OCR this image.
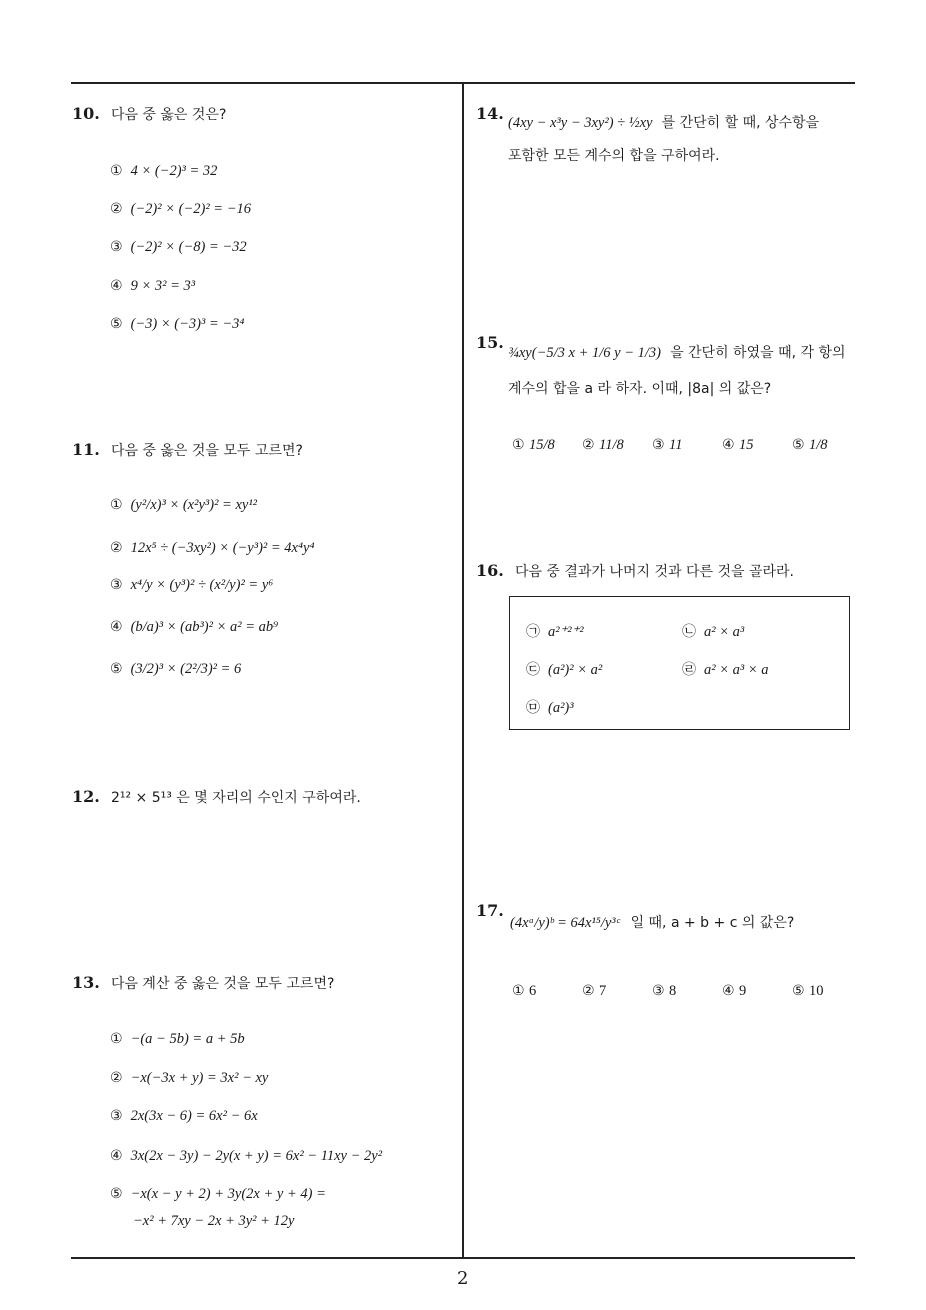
10. 다음 중 옳은 것은?
① 4 × (−2)³ = 32
② (−2)² × (−2)² = −16
③ (−2)² × (−8) = −32
④ 9 × 3² = 3³
⑤ (−3) × (−3)³ = −3⁴
11. 다음 중 옳은 것을 모두 고르면?
① (y²/x)³ × (x²y³)² = xy¹²
② 12x⁵ ÷ (−3xy²) × (−y³)² = 4x⁴y⁴
③ x⁴/y × (y³)² ÷ (x²/y)² = y⁶
④ (b/a)³ × (ab³)² × a² = ab⁹
⑤ (3/2)³ × (2²/3)² = 6
12. 2¹² × 5¹³ 은 몇 자리의 수인지 구하여라.
13. 다음 계산 중 옳은 것을 모두 고르면?
① −(a − 5b) = a + 5b
② −x(−3x + y) = 3x² − xy
③ 2x(3x − 6) = 6x² − 6x
④ 3x(2x − 3y) − 2y(x + y) = 6x² − 11xy − 2y²
⑤ −x(x − y + 2) + 3y(2x + y + 4) =
−x² + 7xy − 2x + 3y² + 12y
14. (4xy − x³y − 3xy²) ÷ ½xy 를 간단히 할 때, 상수항을
포함한 모든 계수의 합을 구하여라.
15.
¾xy(−5/3 x + 1/6 y − 1/3) 을 간단히 하였을 때, 각 항의
계수의 합을 a 라 하자. 이때, |8a| 의 값은?
① 15/8 ② 11/8 ③ 11	④ 15	⑤ 1/8
16. 다음 중 결과가 나머지 것과 다른 것을 골라라.
㉠ a²⁺²⁺²	㉡ a² × a³
㉢ (a²)² × a²	㉣ a² × a³ × a
㉤ (a²)³
17.
(4xᵃ/y)ᵇ = 64x¹⁵/y³ᶜ 일 때, a + b + c 의 값은?
① 6	② 7	③ 8	④ 9	⑤ 10
2
